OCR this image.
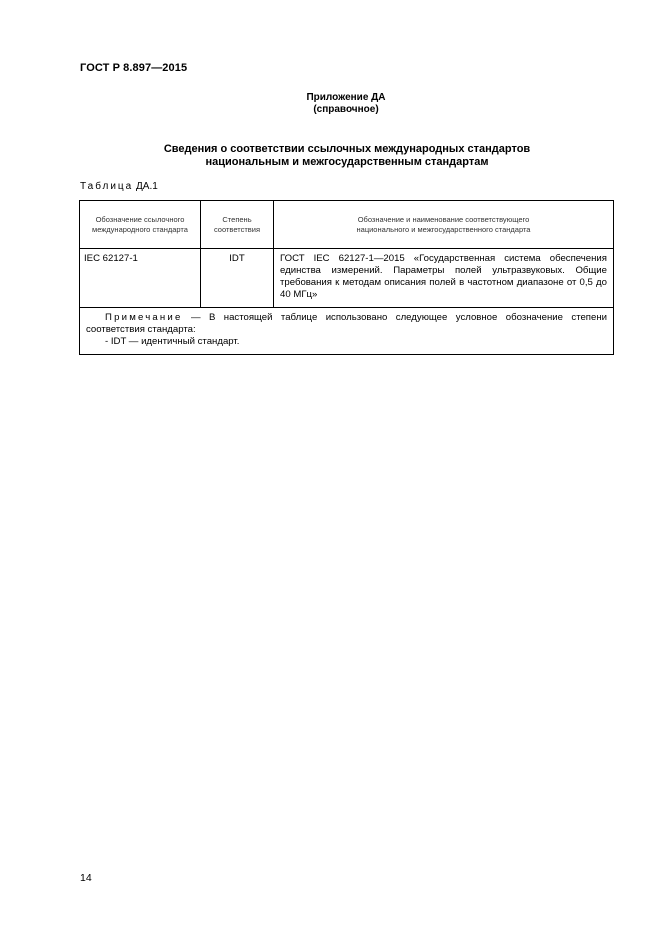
ГОСТ Р 8.897—2015
Приложение ДА
(справочное)
Сведения о соответствии ссылочных международных стандартов
национальным и межгосударственным стандартам
Таблица ДА.1
Обозначение ссылочного международного стандарта	Степень соответствия	Обозначение и наименование соответствующего национального и межгосударственного стандарта
IEC 62127-1	IDT	ГОСТ IEC 62127-1—2015 «Государственная система обеспечения единства измерений. Параметры полей ультразвуковых. Общие требования к методам описания полей в частотном диапазоне от 0,5 до 40 МГц»

Примечание — В настоящей таблице использовано следующее условное обозначение степени соответствия стандарта:
- IDT — идентичный стандарт.		
14
